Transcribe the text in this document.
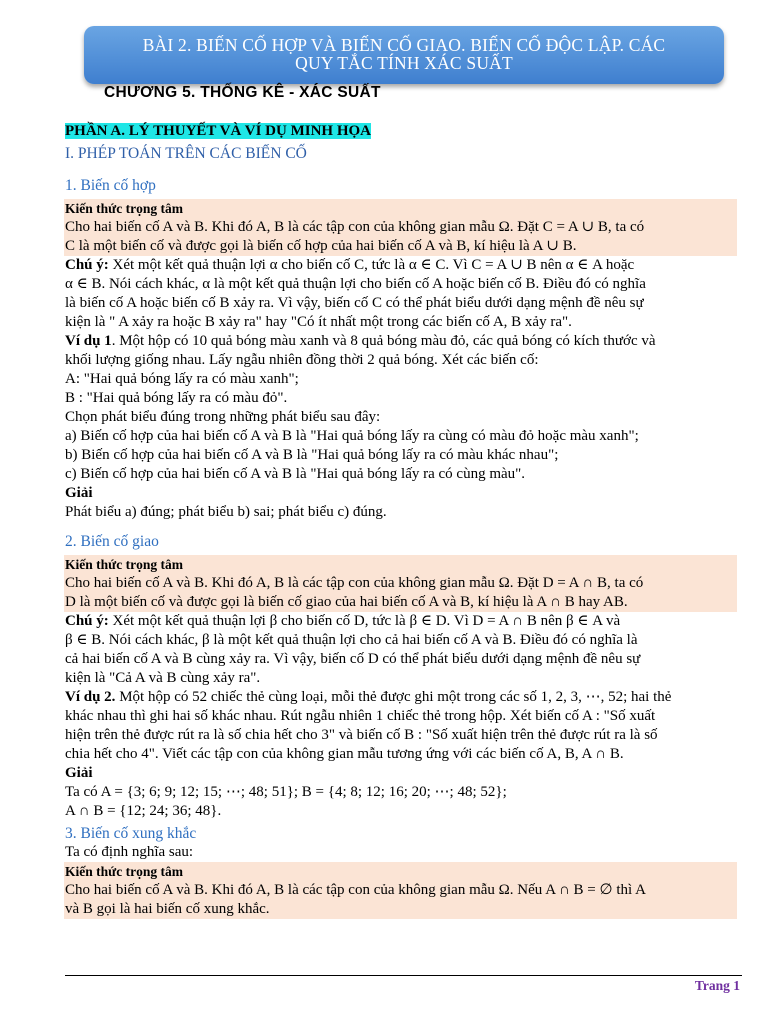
BÀI 2. BIẾN CỐ HỢP VÀ BIẾN CỐ GIAO. BIẾN CỐ ĐỘC LẬP. CÁC
QUY TẮC TÍNH XÁC SUẤT
CHƯƠNG 5. THỐNG KÊ - XÁC SUẤT

PHẦN A. LÝ THUYẾT VÀ VÍ DỤ MINH HỌA

I. PHÉP TOÁN TRÊN CÁC BIẾN CỐ

1. Biến cố hợp

Kiến thức trọng tâm

Cho hai biến cố A và B. Khi đó A, B là các tập con của không gian mẫu Ω. Đặt C = A ∪ B, ta có

C là một biến cố và được gọi là biến cố hợp của hai biến cố A và B, kí hiệu là A ∪ B.

Chú ý: Xét một kết quả thuận lợi α cho biến cố C, tức là α ∈ C. Vì C = A ∪ B nên α ∈ A hoặc

α ∈ B. Nói cách khác, α là một kết quả thuận lợi cho biến cố A hoặc biến cố B. Điều đó có nghĩa

là biến cố A hoặc biến cố B xảy ra. Vì vậy, biến cố C có thể phát biểu dưới dạng mệnh đề nêu sự

kiện là " A xảy ra hoặc B xảy ra" hay "Có ít nhất một trong các biến cố A, B xảy ra".

Ví dụ 1. Một hộp có 10 quả bóng màu xanh và 8 quả bóng màu đỏ, các quả bóng có kích thước và

khối lượng giống nhau. Lấy ngẫu nhiên đồng thời 2 quả bóng. Xét các biến cố:

A: "Hai quả bóng lấy ra có màu xanh";

B : "Hai quả bóng lấy ra có màu đỏ".

Chọn phát biểu đúng trong những phát biểu sau đây:

a) Biến cố hợp của hai biến cố A và B là "Hai quả bóng lấy ra cùng có màu đỏ hoặc màu xanh";

b) Biến cố hợp của hai biến cố A và B là "Hai quả bóng lấy ra có màu khác nhau";

c) Biến cố hợp của hai biến cố A và B là "Hai quả bóng lấy ra có cùng màu".

Giải

Phát biểu a) đúng; phát biểu b) sai; phát biểu c) đúng.

2. Biến cố giao

Kiến thức trọng tâm

Cho hai biến cố A và B. Khi đó A, B là các tập con của không gian mẫu Ω. Đặt D = A ∩ B, ta có

D là một biến cố và được gọi là biến cố giao của hai biến cố A và B, kí hiệu là A ∩ B hay AB.

Chú ý: Xét một kết quả thuận lợi β cho biến cố D, tức là β ∈ D. Vì D = A ∩ B nên β ∈ A và

β ∈ B. Nói cách khác, β là một kết quả thuận lợi cho cả hai biến cố A và B. Điều đó có nghĩa là

cả hai biến cố A và B cùng xảy ra. Vì vậy, biến cố D có thể phát biểu dưới dạng mệnh đề nêu sự

kiện là "Cả A và B cùng xảy ra".

Ví dụ 2. Một hộp có 52 chiếc thẻ cùng loại, mỗi thẻ được ghi một trong các số 1, 2, 3, ⋯, 52; hai thẻ

khác nhau thì ghi hai số khác nhau. Rút ngẫu nhiên 1 chiếc thẻ trong hộp. Xét biến cố A : "Số xuất

hiện trên thẻ được rút ra là số chia hết cho 3" và biến cố B : "Số xuất hiện trên thẻ được rút ra là số

chia hết cho 4". Viết các tập con của không gian mẫu tương ứng với các biến cố A, B, A ∩ B.

Giải

Ta có A = {3; 6; 9; 12; 15; ⋯; 48; 51}; B = {4; 8; 12; 16; 20; ⋯; 48; 52};

A ∩ B = {12; 24; 36; 48}.

3. Biến cố xung khắc

Ta có định nghĩa sau:

Kiến thức trọng tâm

Cho hai biến cố A và B. Khi đó A, B là các tập con của không gian mẫu Ω. Nếu A ∩ B = ∅ thì A

và B gọi là hai biến cố xung khắc.

Trang 1
